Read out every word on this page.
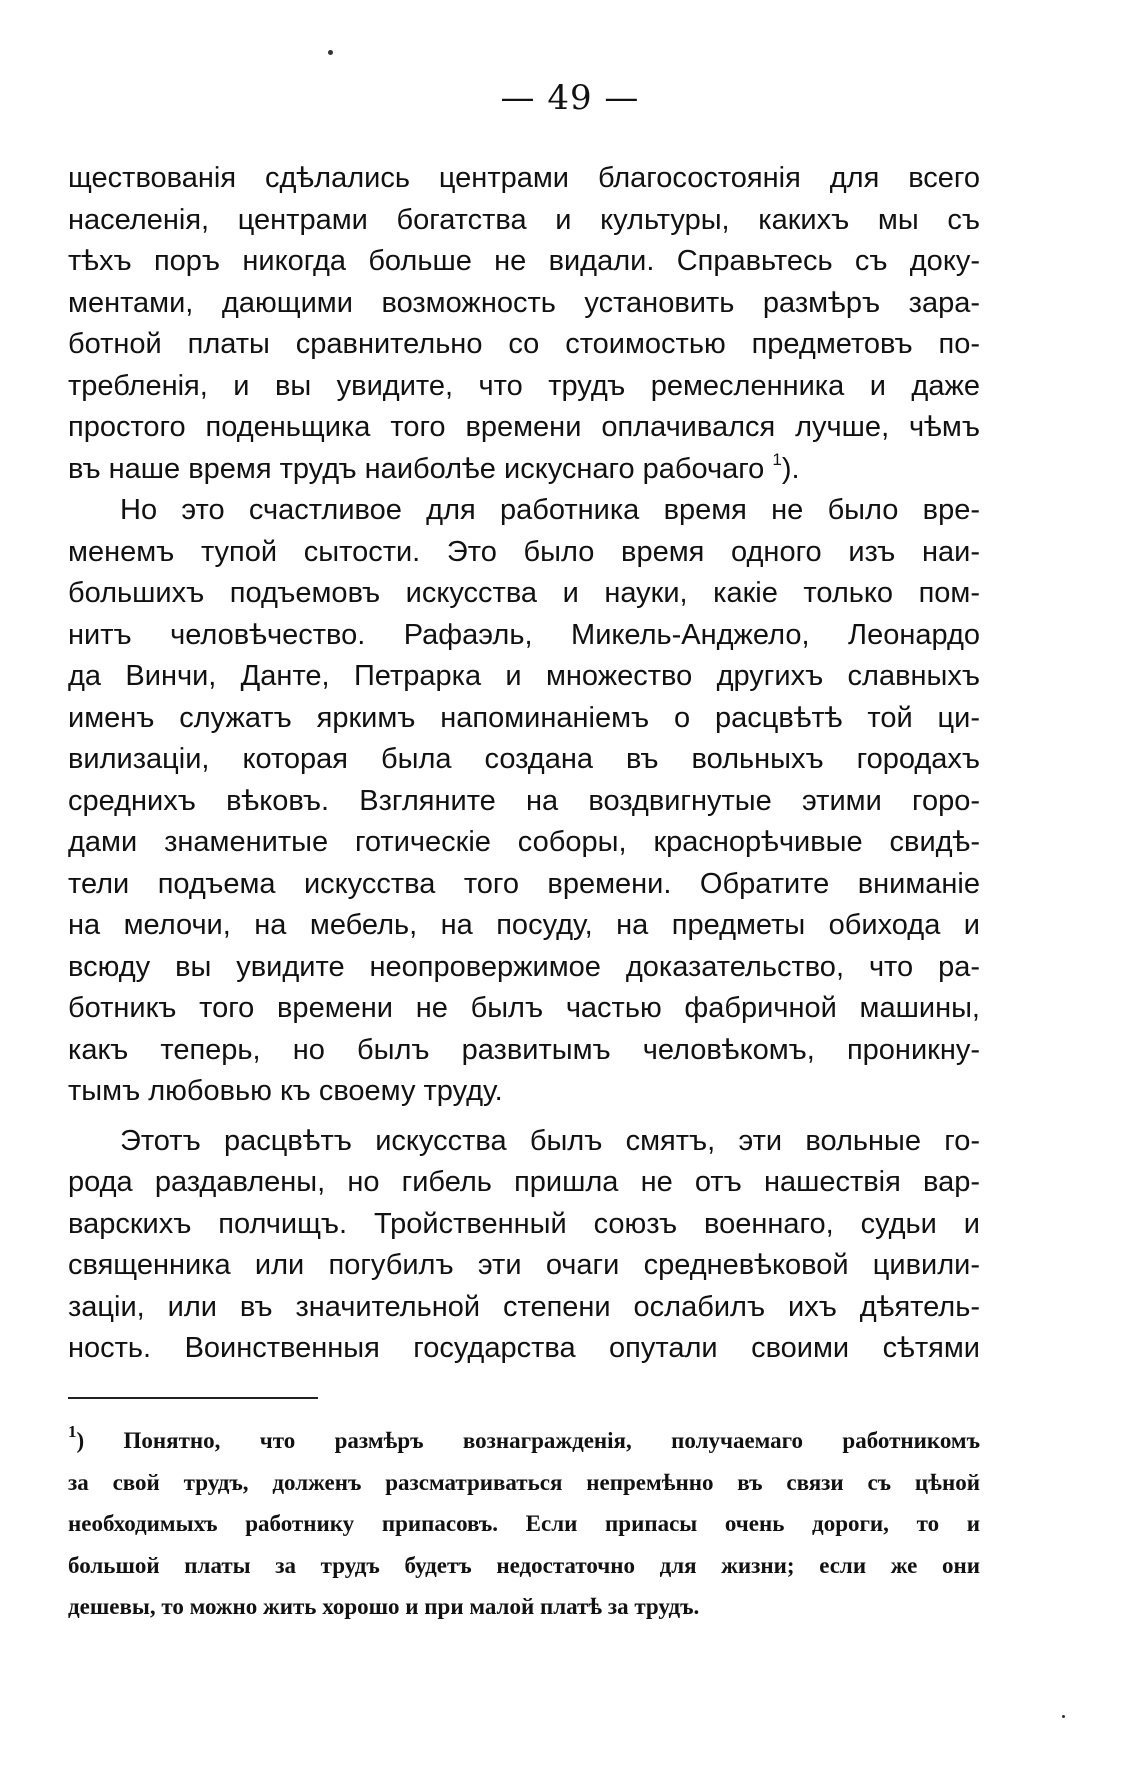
— 49 —
ществованія сдѣлались центрами благосостоянія для всего
населенія, центрами богатства и культуры, какихъ мы съ
тѣхъ поръ никогда больше не видали. Справьтесь съ доку-
ментами, дающими возможность установить размѣръ зара-
ботной платы сравнительно со стоимостью предметовъ по-
требленія, и вы увидите, что трудъ ремесленника и даже
простого поденьщика того времени оплачивался лучше, чѣмъ
въ наше время трудъ наиболѣе искуснаго рабочаго $^1$).
Но это счастливое для работника время не было вре-
менемъ тупой сытости. Это было время одного изъ наи-
большихъ подъемовъ искусства и науки, какіе только пом-
нитъ человѣчество. Рафаэль, Микель-Анджело, Леонардо
да Винчи, Данте, Петрарка и множество другихъ славныхъ
именъ служатъ яркимъ напоминаніемъ о расцвѣтѣ той ци-
вилизаціи, которая была создана въ вольныхъ городахъ
среднихъ вѣковъ. Взгляните на воздвигнутые этими горо-
дами знаменитые готическіе соборы, краснорѣчивые свидѣ-
тели подъема искусства того времени. Обратите вниманіе
на мелочи, на мебель, на посуду, на предметы обихода и
всюду вы увидите неопровержимое доказательство, что ра-
ботникъ того времени не былъ частью фабричной машины,
какъ теперь, но былъ развитымъ человѣкомъ, проникну-
тымъ любовью къ своему труду.
Этотъ расцвѣтъ искусства былъ смятъ, эти вольные го-
рода раздавлены, но гибель пришла не отъ нашествія вар-
варскихъ полчищъ. Тройственный союзъ военнаго, судьи и
священника или погубилъ эти очаги средневѣковой цивили-
заціи, или въ значительной степени ослабилъ ихъ дѣятель-
ность. Воинственныя государства опутали своими сѣтями
$^1$) Понятно, что размѣръ вознагражденія, получаемаго работникомъ
за свой трудъ, долженъ разсматриваться непремѣнно въ связи съ цѣной
необходимыхъ работнику припасовъ. Если припасы очень дороги, то и
большой платы за трудъ будетъ недостаточно для жизни; если же они
дешевы, то можно жить хорошо и при малой платѣ за трудъ.
